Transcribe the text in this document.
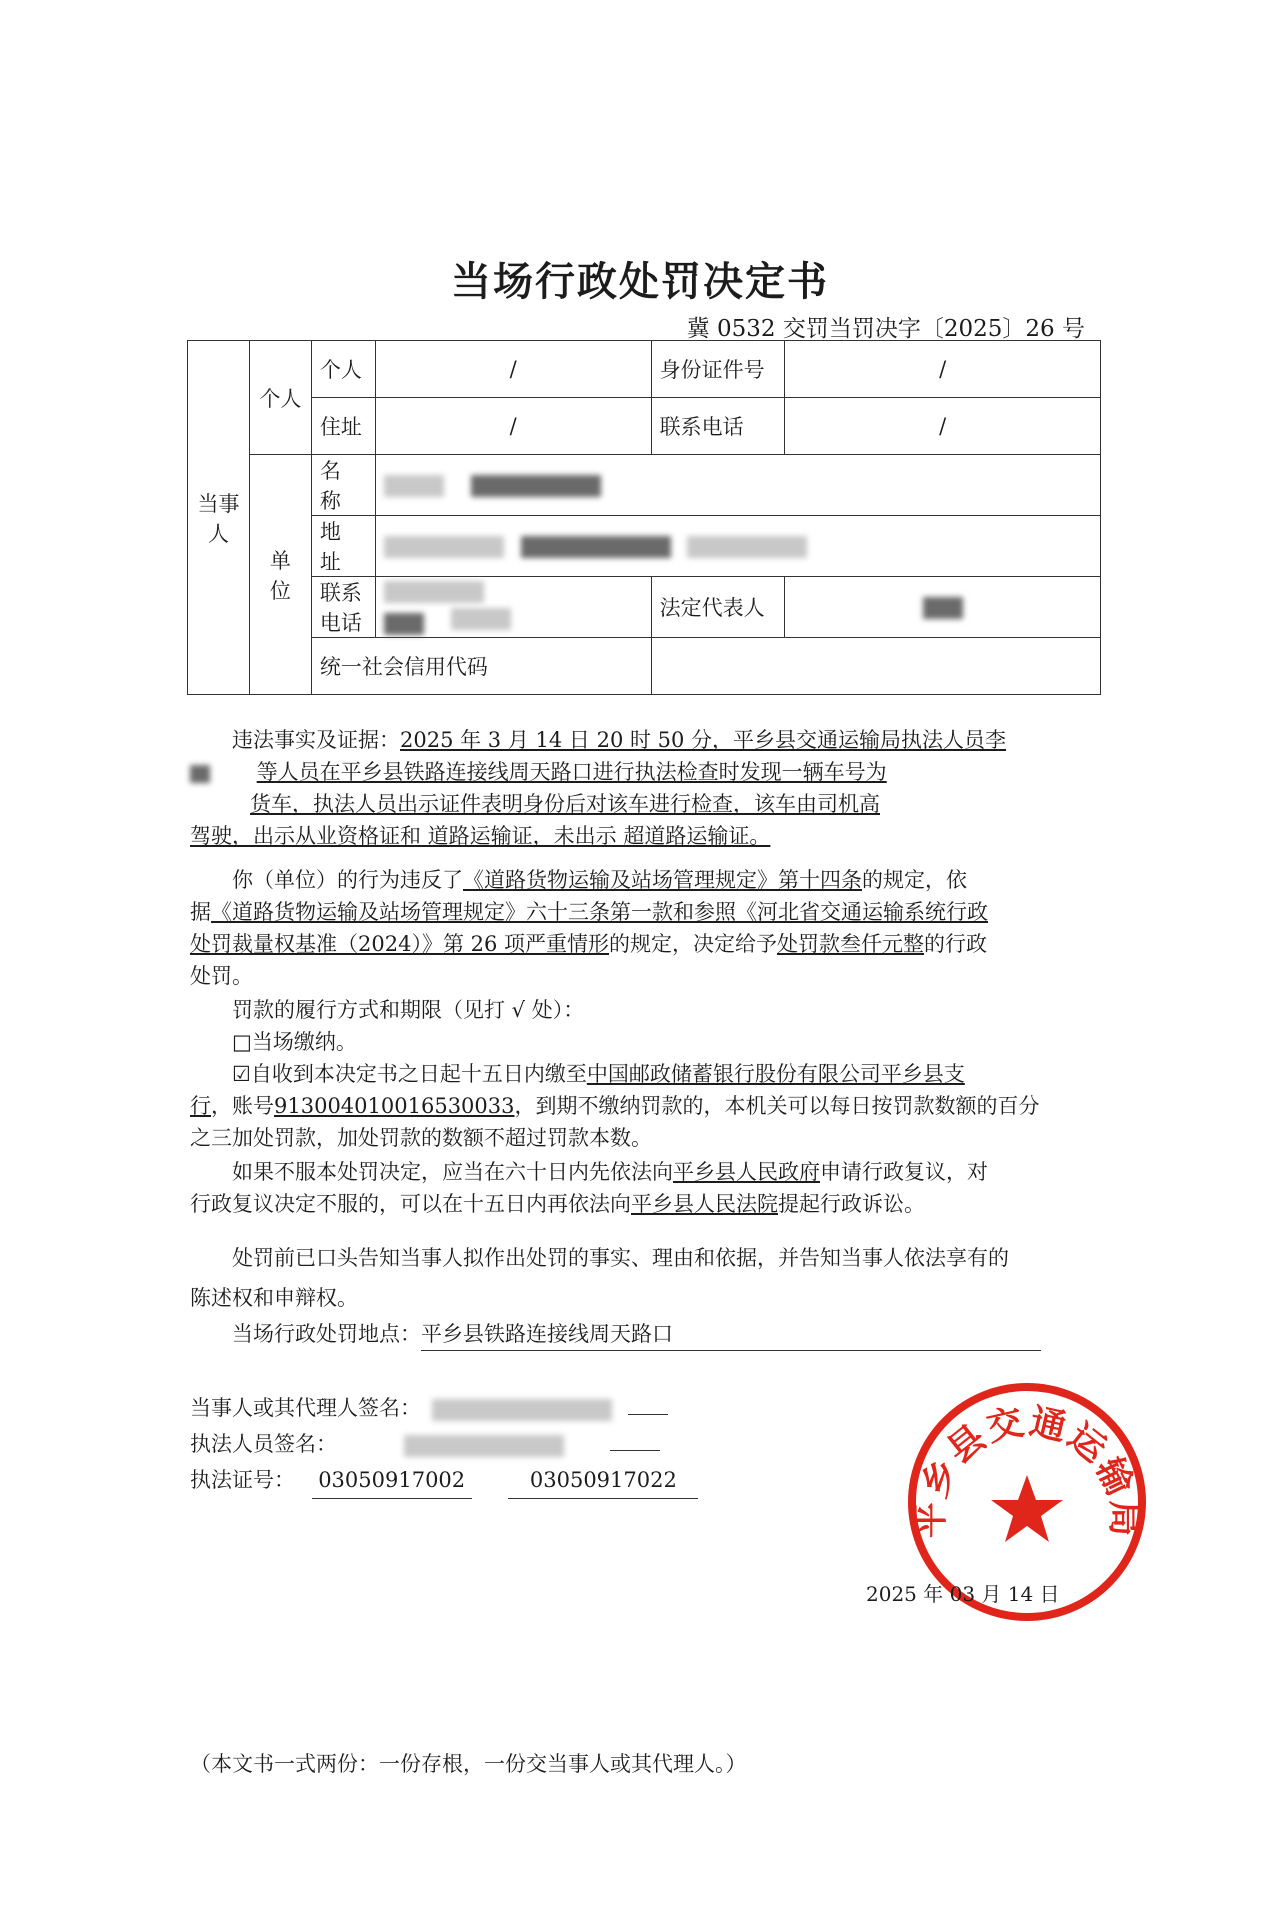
当场行政处罚决定书
冀 0532 交罚当罚决字〔2025〕26 号
当事人	个人	个人	/	身份证件号	/
		住址	/	联系电话	/
	单 位	名 称			
		地 址			
		联系电话		法定代表人	

		统一社会信用代码			
违法事实及证据：2025 年 3 月 14 日 20 时 50 分，平乡县交通运输局执法人员李
等人员在平乡县铁路连接线周天路口进行执法检查时发现一辆车号为
货车，执法人员出示证件表明身份后对该车进行检查，该车由司机高
驾驶，出示从业资格证和 道路运输证，未出示 超道路运输证。
你（单位）的行为违反了《道路货物运输及站场管理规定》第十四条的规定，依
据《道路货物运输及站场管理规定》六十三条第一款和参照《河北省交通运输系统行政
处罚裁量权基准（2024）》第 26 项严重情形的规定，决定给予处罚款叁仟元整的行政
处罚。
罚款的履行方式和期限（见打 √ 处）：
□当场缴纳。
☑自收到本决定书之日起十五日内缴至中国邮政储蓄银行股份有限公司平乡县支
行，账号913004010016530033，到期不缴纳罚款的，本机关可以每日按罚款数额的百分
之三加处罚款，加处罚款的数额不超过罚款本数。
如果不服本处罚决定，应当在六十日内先依法向平乡县人民政府申请行政复议，对
行政复议决定不服的，可以在十五日内再依法向平乡县人民法院提起行政诉讼。
处罚前已口头告知当事人拟作出处罚的事实、理由和依据，并告知当事人依法享有的
陈述权和申辩权。
当场行政处罚地点：平乡县铁路连接线周天路口
当事人或其代理人签名：
执法人员签名：
执法证号： 03050917002	03050917022
平乡县交通运输局
2025 年 03 月 14 日
（本文书一式两份：一份存根，一份交当事人或其代理人。）
